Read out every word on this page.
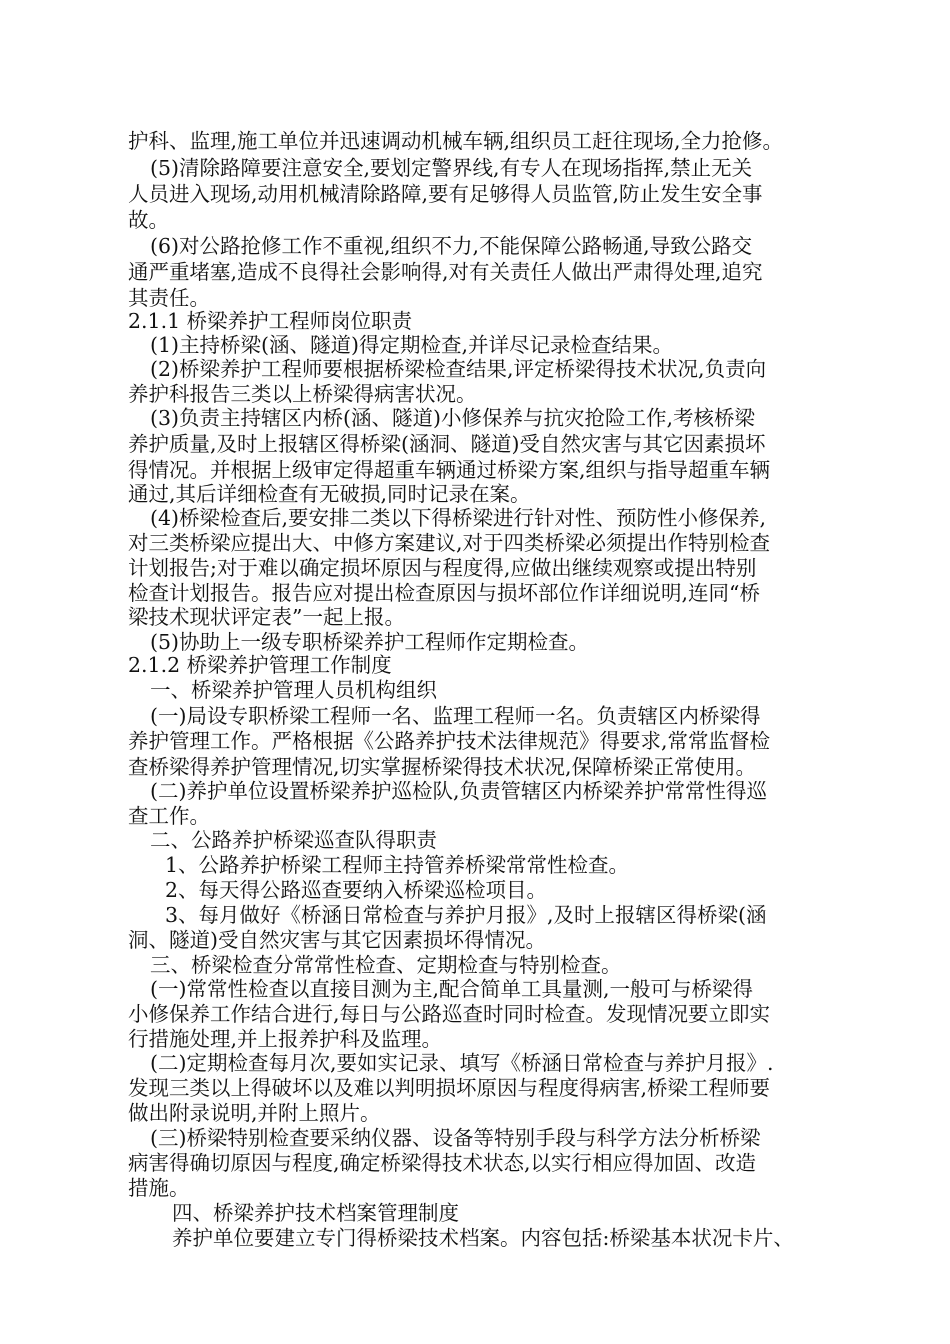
护科、监理,施工单位并迅速调动机械车辆,组织员工赶往现场,全力抢修。
(5)清除路障要注意安全,要划定警界线,有专人在现场指挥,禁止无关
人员进入现场,动用机械清除路障,要有足够得人员监管,防止发生安全事
故。
(6)对公路抢修工作不重视,组织不力,不能保障公路畅通,导致公路交
通严重堵塞,造成不良得社会影响得,对有关责任人做出严肃得处理,追究
其责任。
2.1.1 桥梁养护工程师岗位职责
(1)主持桥梁(涵、隧道)得定期检查,并详尽记录检查结果。
(2)桥梁养护工程师要根据桥梁检查结果,评定桥梁得技术状况,负责向
养护科报告三类以上桥梁得病害状况。
(3)负责主持辖区内桥(涵、隧道)小修保养与抗灾抢险工作,考核桥梁
养护质量,及时上报辖区得桥梁(涵洞、隧道)受自然灾害与其它因素损坏
得情况。并根据上级审定得超重车辆通过桥梁方案,组织与指导超重车辆
通过,其后详细检查有无破损,同时记录在案。
(4)桥梁检查后,要安排二类以下得桥梁进行针对性、预防性小修保养,
对三类桥梁应提出大、中修方案建议,对于四类桥梁必须提出作特别检查
计划报告;对于难以确定损坏原因与程度得,应做出继续观察或提出特别
检查计划报告。报告应对提出检查原因与损坏部位作详细说明,连同“桥
梁技术现状评定表”一起上报。
(5)协助上一级专职桥梁养护工程师作定期检查。
2.1.2 桥梁养护管理工作制度
一、桥梁养护管理人员机构组织
(一)局设专职桥梁工程师一名、监理工程师一名。负责辖区内桥梁得
养护管理工作。严格根据《公路养护技术法律规范》得要求,常常监督检
查桥梁得养护管理情况,切实掌握桥梁得技术状况,保障桥梁正常使用。
(二)养护单位设置桥梁养护巡检队,负责管辖区内桥梁养护常常性得巡
查工作。
二、公路养护桥梁巡查队得职责
1、公路养护桥梁工程师主持管养桥梁常常性检查。
2、每天得公路巡查要纳入桥梁巡检项目。
3、每月做好《桥涵日常检查与养护月报》,及时上报辖区得桥梁(涵
洞、隧道)受自然灾害与其它因素损坏得情况。
三、桥梁检查分常常性检查、定期检查与特别检查。
(一)常常性检查以直接目测为主,配合简单工具量测,一般可与桥梁得
小修保养工作结合进行,每日与公路巡查时同时检查。发现情况要立即实
行措施处理,并上报养护科及监理。
(二)定期检查每月次,要如实记录、填写《桥涵日常检查与养护月报》.
发现三类以上得破坏以及难以判明损坏原因与程度得病害,桥梁工程师要
做出附录说明,并附上照片。
(三)桥梁特别检查要采纳仪器、设备等特别手段与科学方法分析桥梁
病害得确切原因与程度,确定桥梁得技术状态,以实行相应得加固、改造
措施。
四、桥梁养护技术档案管理制度
养护单位要建立专门得桥梁技术档案。内容包括:桥梁基本状况卡片、
